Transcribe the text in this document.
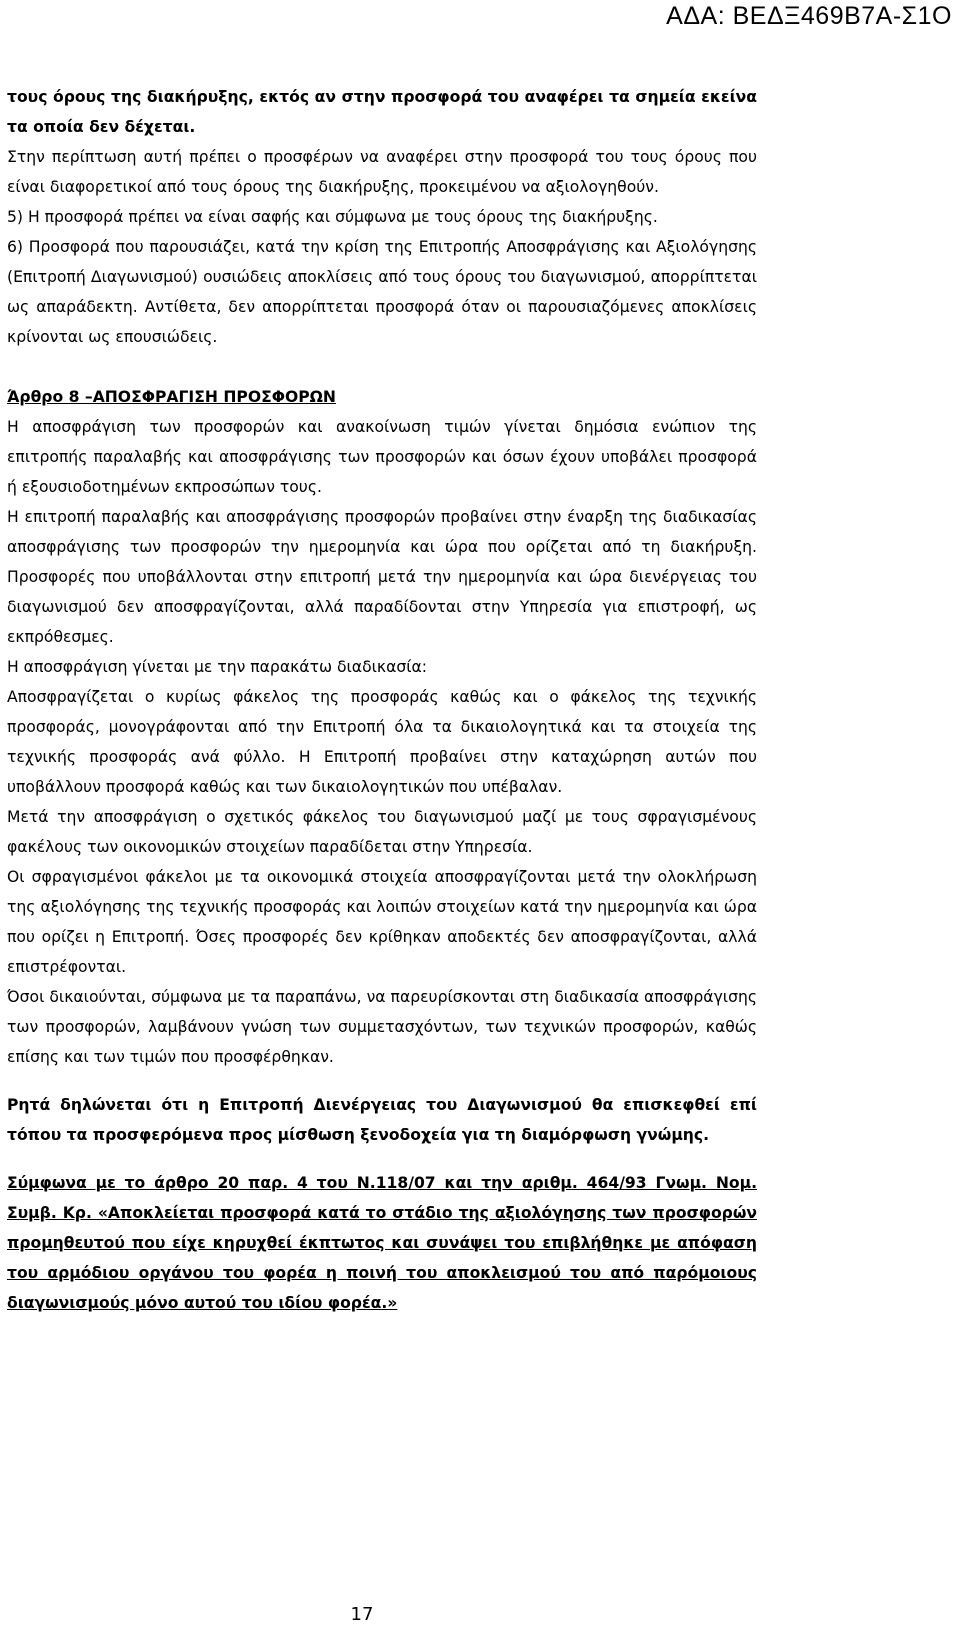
ΑΔΑ: ΒΕΔΞ469Β7Α-Σ1Ο

τους όρους της διακήρυξης, εκτός αν στην προσφορά του αναφέρει τα σημεία εκείνα τα οποία δεν δέχεται.

Στην περίπτωση αυτή πρέπει ο προσφέρων να αναφέρει στην προσφορά του τους όρους που είναι διαφορετικοί από τους όρους της διακήρυξης, προκειμένου να αξιολογηθούν.

5) Η προσφορά πρέπει να είναι σαφής και σύμφωνα με τους όρους της διακήρυξης.

6) Προσφορά που παρουσιάζει, κατά την κρίση της Επιτροπής Αποσφράγισης και Αξιολόγησης (Επιτροπή Διαγωνισμού) ουσιώδεις αποκλίσεις από τους όρους του διαγωνισμού, απορρίπτεται ως απαράδεκτη. Αντίθετα, δεν απορρίπτεται προσφορά όταν οι παρουσιαζόμενες αποκλίσεις κρίνονται ως επουσιώδεις.

Άρθρο 8 –ΑΠΟΣΦΡΑΓΙΣΗ ΠΡΟΣΦΟΡΩΝ

Η αποσφράγιση των προσφορών και ανακοίνωση τιμών γίνεται δημόσια ενώπιον της επιτροπής παραλαβής και αποσφράγισης των προσφορών και όσων έχουν υποβάλει προσφορά ή εξουσιοδοτημένων εκπροσώπων τους.

Η επιτροπή παραλαβής και αποσφράγισης προσφορών προβαίνει στην έναρξη της διαδικασίας αποσφράγισης των προσφορών την ημερομηνία και ώρα που ορίζεται από τη διακήρυξη. Προσφορές που υποβάλλονται στην επιτροπή μετά την ημερομηνία και ώρα διενέργειας του διαγωνισμού δεν αποσφραγίζονται, αλλά παραδίδονται στην Υπηρεσία για επιστροφή, ως εκπρόθεσμες.

Η αποσφράγιση γίνεται με την παρακάτω διαδικασία:

Αποσφραγίζεται ο κυρίως φάκελος της προσφοράς καθώς και ο φάκελος της τεχνικής προσφοράς, μονογράφονται από την Επιτροπή όλα τα δικαιολογητικά και τα στοιχεία της τεχνικής προσφοράς ανά φύλλο. Η Επιτροπή προβαίνει στην καταχώρηση αυτών που υποβάλλουν προσφορά καθώς και των δικαιολογητικών που υπέβαλαν.

Μετά την αποσφράγιση ο σχετικός φάκελος του διαγωνισμού μαζί με τους σφραγισμένους φακέλους των οικονομικών στοιχείων παραδίδεται στην Υπηρεσία.

Οι σφραγισμένοι φάκελοι με τα οικονομικά στοιχεία αποσφραγίζονται μετά την ολοκλήρωση της αξιολόγησης της τεχνικής προσφοράς και λοιπών στοιχείων κατά την ημερομηνία και ώρα που ορίζει η Επιτροπή. Όσες προσφορές δεν κρίθηκαν αποδεκτές δεν αποσφραγίζονται, αλλά επιστρέφονται.

Όσοι δικαιούνται, σύμφωνα με τα παραπάνω, να παρευρίσκονται στη διαδικασία αποσφράγισης των προσφορών, λαμβάνουν γνώση των συμμετασχόντων, των τεχνικών προσφορών, καθώς επίσης και των τιμών που προσφέρθηκαν.

Ρητά δηλώνεται ότι η Επιτροπή Διενέργειας του Διαγωνισμού θα επισκεφθεί επί τόπου τα προσφερόμενα προς μίσθωση ξενοδοχεία για τη διαμόρφωση γνώμης.

Σύμφωνα με το άρθρο 20 παρ. 4 του Ν.118/07 και την αριθμ. 464/93 Γνωμ. Νομ. Συμβ. Κρ. «Αποκλείεται προσφορά κατά το στάδιο της αξιολόγησης των προσφορών προμηθευτού που είχε κηρυχθεί έκπτωτος και συνάψει του επιβλήθηκε με απόφαση του αρμόδιου οργάνου του φορέα η ποινή του αποκλεισμού του από παρόμοιους διαγωνισμούς μόνο αυτού του ιδίου φορέα.»

17
